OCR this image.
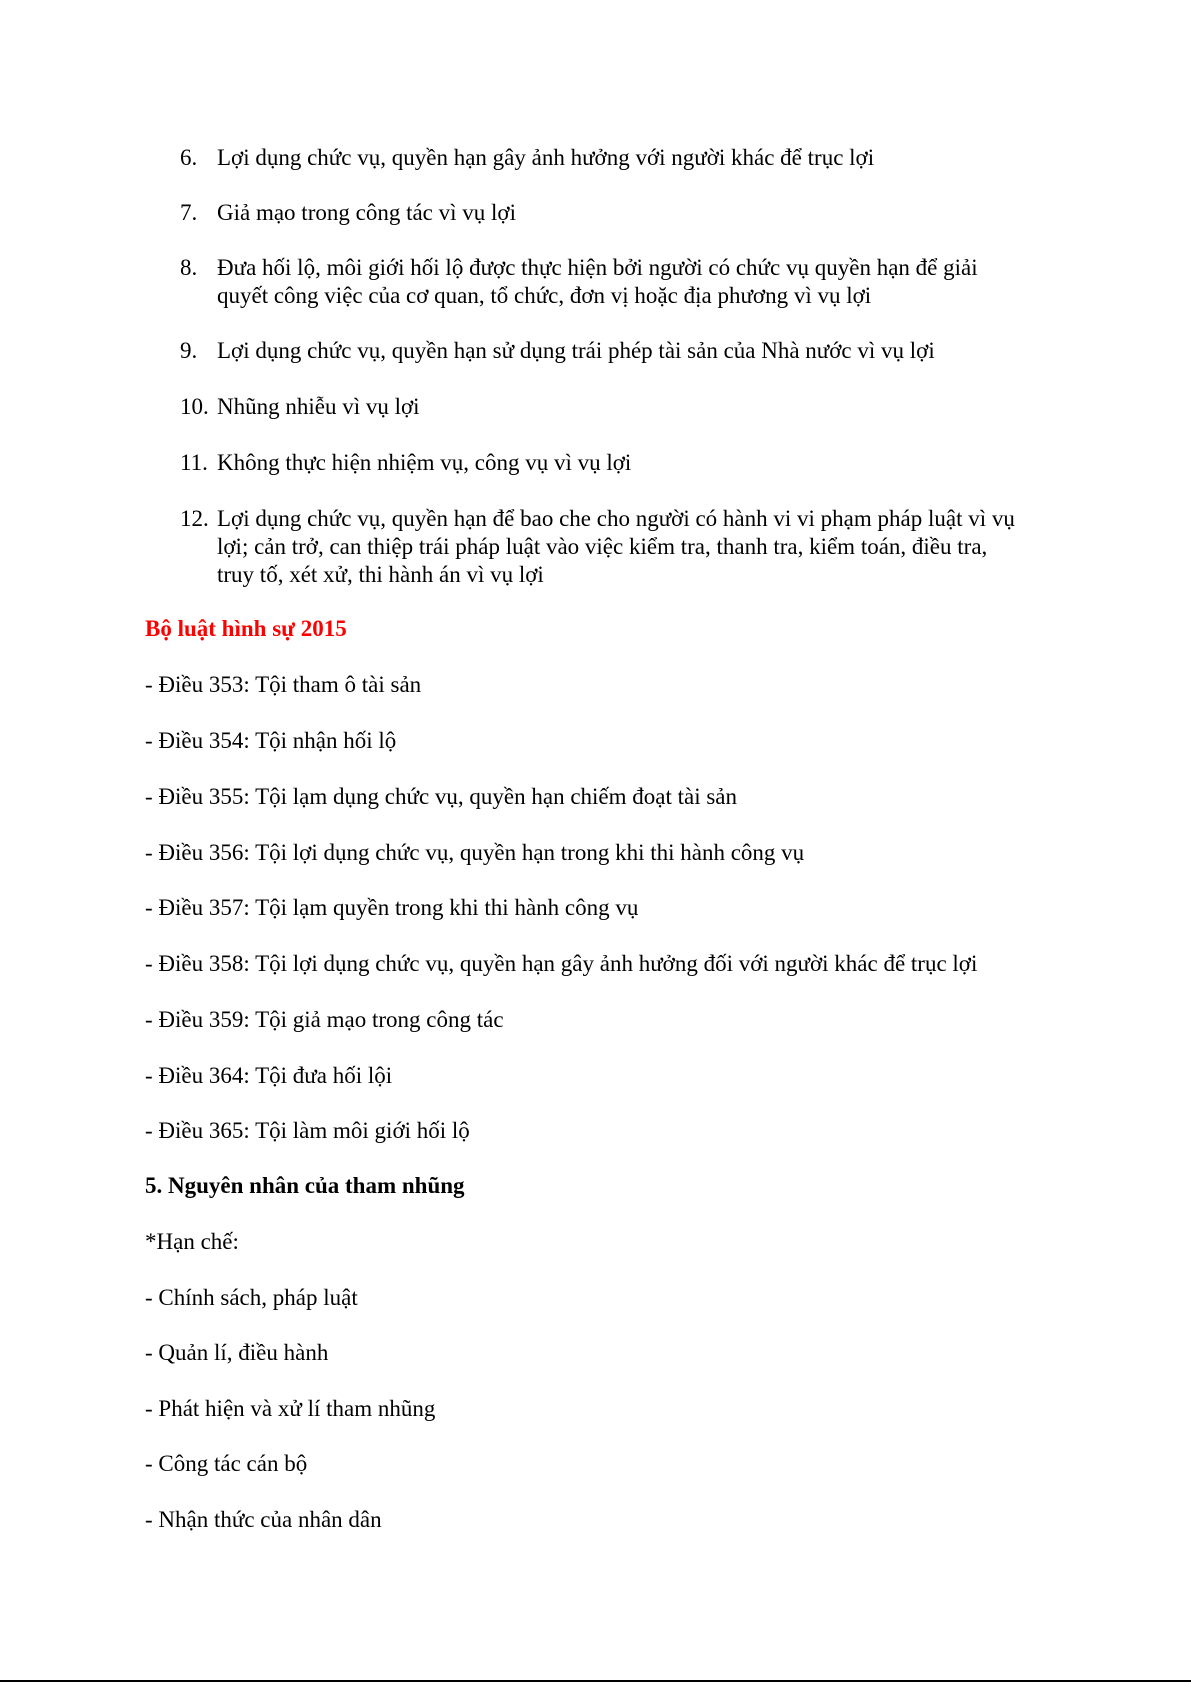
6. Lợi dụng chức vụ, quyền hạn gây ảnh hưởng với người khác để trục lợi
7. Giả mạo trong công tác vì vụ lợi
8. Đưa hối lộ, môi giới hối lộ được thực hiện bởi người có chức vụ quyền hạn để giải quyết công việc của cơ quan, tổ chức, đơn vị hoặc địa phương vì vụ lợi
9. Lợi dụng chức vụ, quyền hạn sử dụng trái phép tài sản của Nhà nước vì vụ lợi
10. Nhũng nhiễu vì vụ lợi
11. Không thực hiện nhiệm vụ, công vụ vì vụ lợi
12. Lợi dụng chức vụ, quyền hạn để bao che cho người có hành vi vi phạm pháp luật vì vụ lợi; cản trở, can thiệp trái pháp luật vào việc kiểm tra, thanh tra, kiểm toán, điều tra, truy tố, xét xử, thi hành án vì vụ lợi
Bộ luật hình sự 2015
- Điều 353: Tội tham ô tài sản
- Điều 354: Tội nhận hối lộ
- Điều 355: Tội lạm dụng chức vụ, quyền hạn chiếm đoạt tài sản
- Điều 356: Tội lợi dụng chức vụ, quyền hạn trong khi thi hành công vụ
- Điều 357: Tội lạm quyền trong khi thi hành công vụ
- Điều 358: Tội lợi dụng chức vụ, quyền hạn gây ảnh hưởng đối với người khác để trục lợi
- Điều 359: Tội giả mạo trong công tác
- Điều 364: Tội đưa hối lội
- Điều 365: Tội làm môi giới hối lộ
5. Nguyên nhân của tham nhũng
*Hạn chế:
- Chính sách, pháp luật
- Quản lí, điều hành
- Phát hiện và xử lí tham nhũng
- Công tác cán bộ
- Nhận thức của nhân dân
